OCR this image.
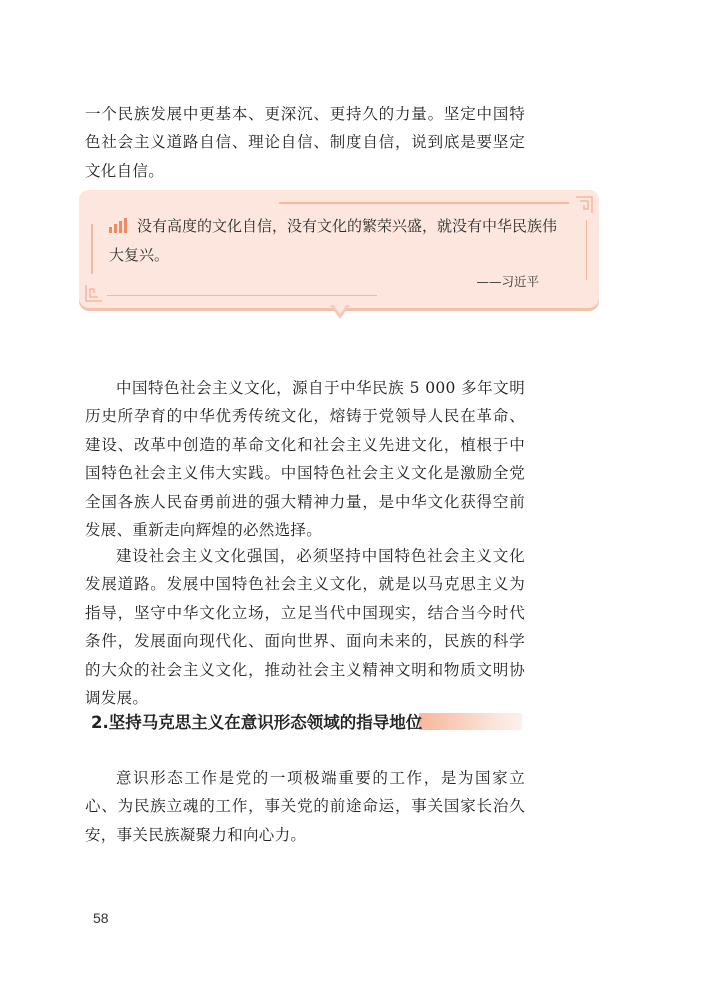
一个民族发展中更基本、更深沉、更持久的力量。坚定中国特色社会主义道路自信、理论自信、制度自信，说到底是要坚定文化自信。

没有高度的文化自信，没有文化的繁荣兴盛，就没有中华民族伟大复兴。

——习近平

中国特色社会主义文化，源自于中华民族 5 000 多年文明历史所孕育的中华优秀传统文化，熔铸于党领导人民在革命、建设、改革中创造的革命文化和社会主义先进文化，植根于中国特色社会主义伟大实践。中国特色社会主义文化是激励全党全国各族人民奋勇前进的强大精神力量，是中华文化获得空前发展、重新走向辉煌的必然选择。

建设社会主义文化强国，必须坚持中国特色社会主义文化发展道路。发展中国特色社会主义文化，就是以马克思主义为指导，坚守中华文化立场，立足当代中国现实，结合当今时代条件，发展面向现代化、面向世界、面向未来的，民族的科学的大众的社会主义文化，推动社会主义精神文明和物质文明协调发展。

2.坚持马克思主义在意识形态领域的指导地位

意识形态工作是党的一项极端重要的工作，是为国家立心、为民族立魂的工作，事关党的前途命运，事关国家长治久安，事关民族凝聚力和向心力。

58
